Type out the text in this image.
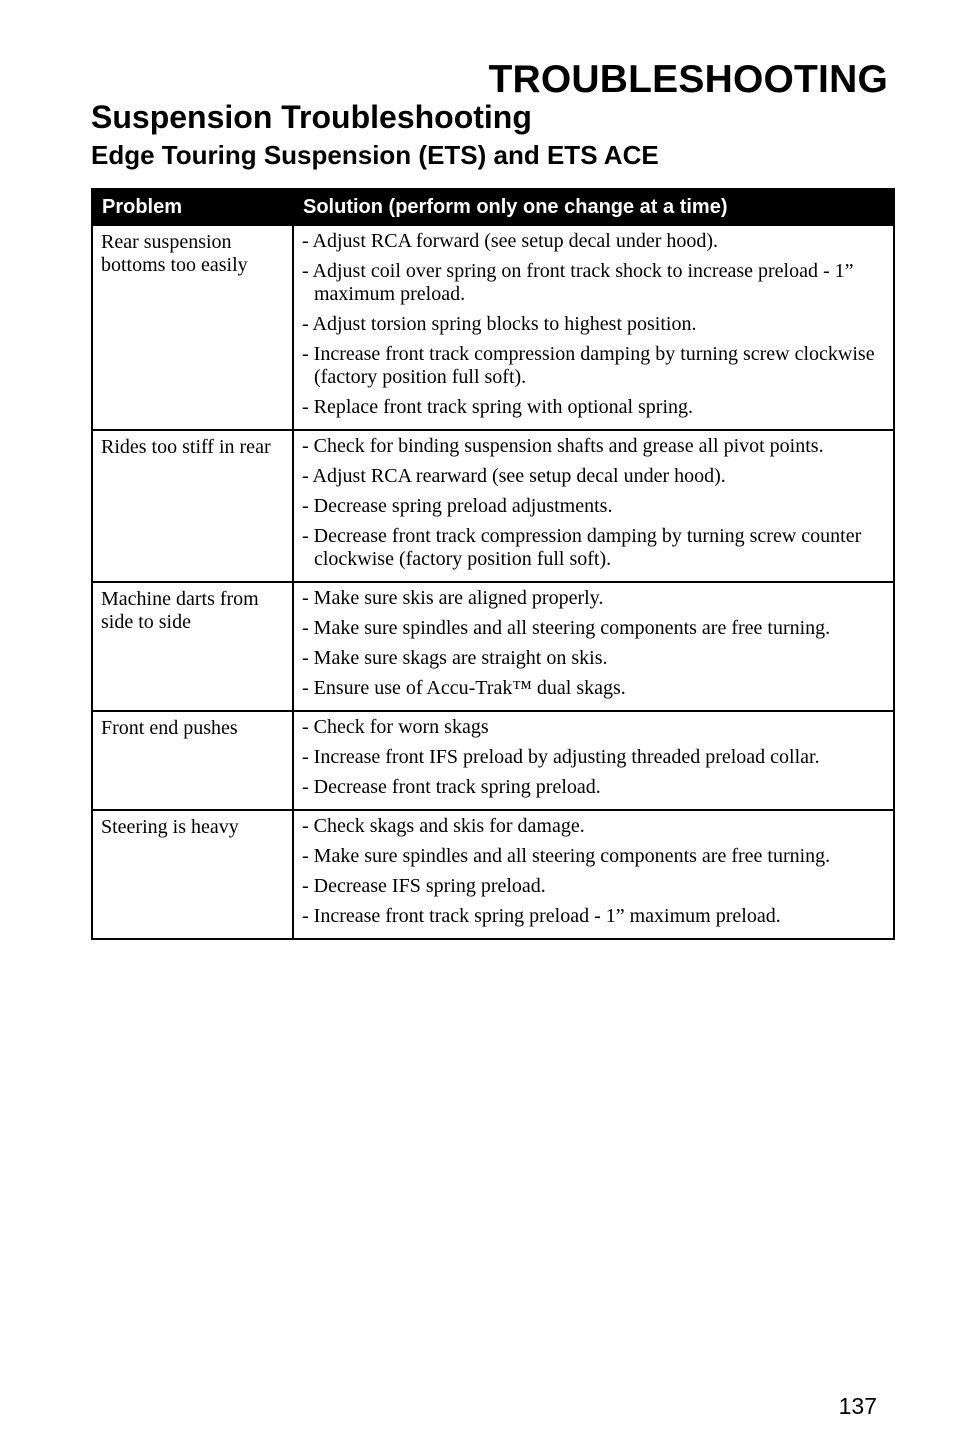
TROUBLESHOOTING
Suspension Troubleshooting
Edge Touring Suspension (ETS) and ETS ACE
Problem	Solution (perform only one change at a time)
Rear suspension bottoms too easily	- Adjust RCA forward (see setup decal under hood).
- Adjust coil over spring on front track shock to increase preload - 1” maximum preload.
- Adjust torsion spring blocks to highest position.
- Increase front track compression damping by turning screw clockwise (factory position full soft).
- Replace front track spring with optional spring.

Rides too stiff in rear	- Check for binding suspension shafts and grease all pivot points.
- Adjust RCA rearward (see setup decal under hood).
- Decrease spring preload adjustments.
- Decrease front track compression damping by turning screw counter clockwise (factory position full soft).

Machine darts from side to side	- Make sure skis are aligned properly.
- Make sure spindles and all steering components are free turning.
- Make sure skags are straight on skis.
- Ensure use of Accu-Trak™ dual skags.

Front end pushes	- Check for worn skags
- Increase front IFS preload by adjusting threaded preload collar.
- Decrease front track spring preload.

Steering is heavy	- Check skags and skis for damage.
- Make sure spindles and all steering components are free turning.
- Decrease IFS spring preload.
- Increase front track spring preload - 1” maximum preload.
137
